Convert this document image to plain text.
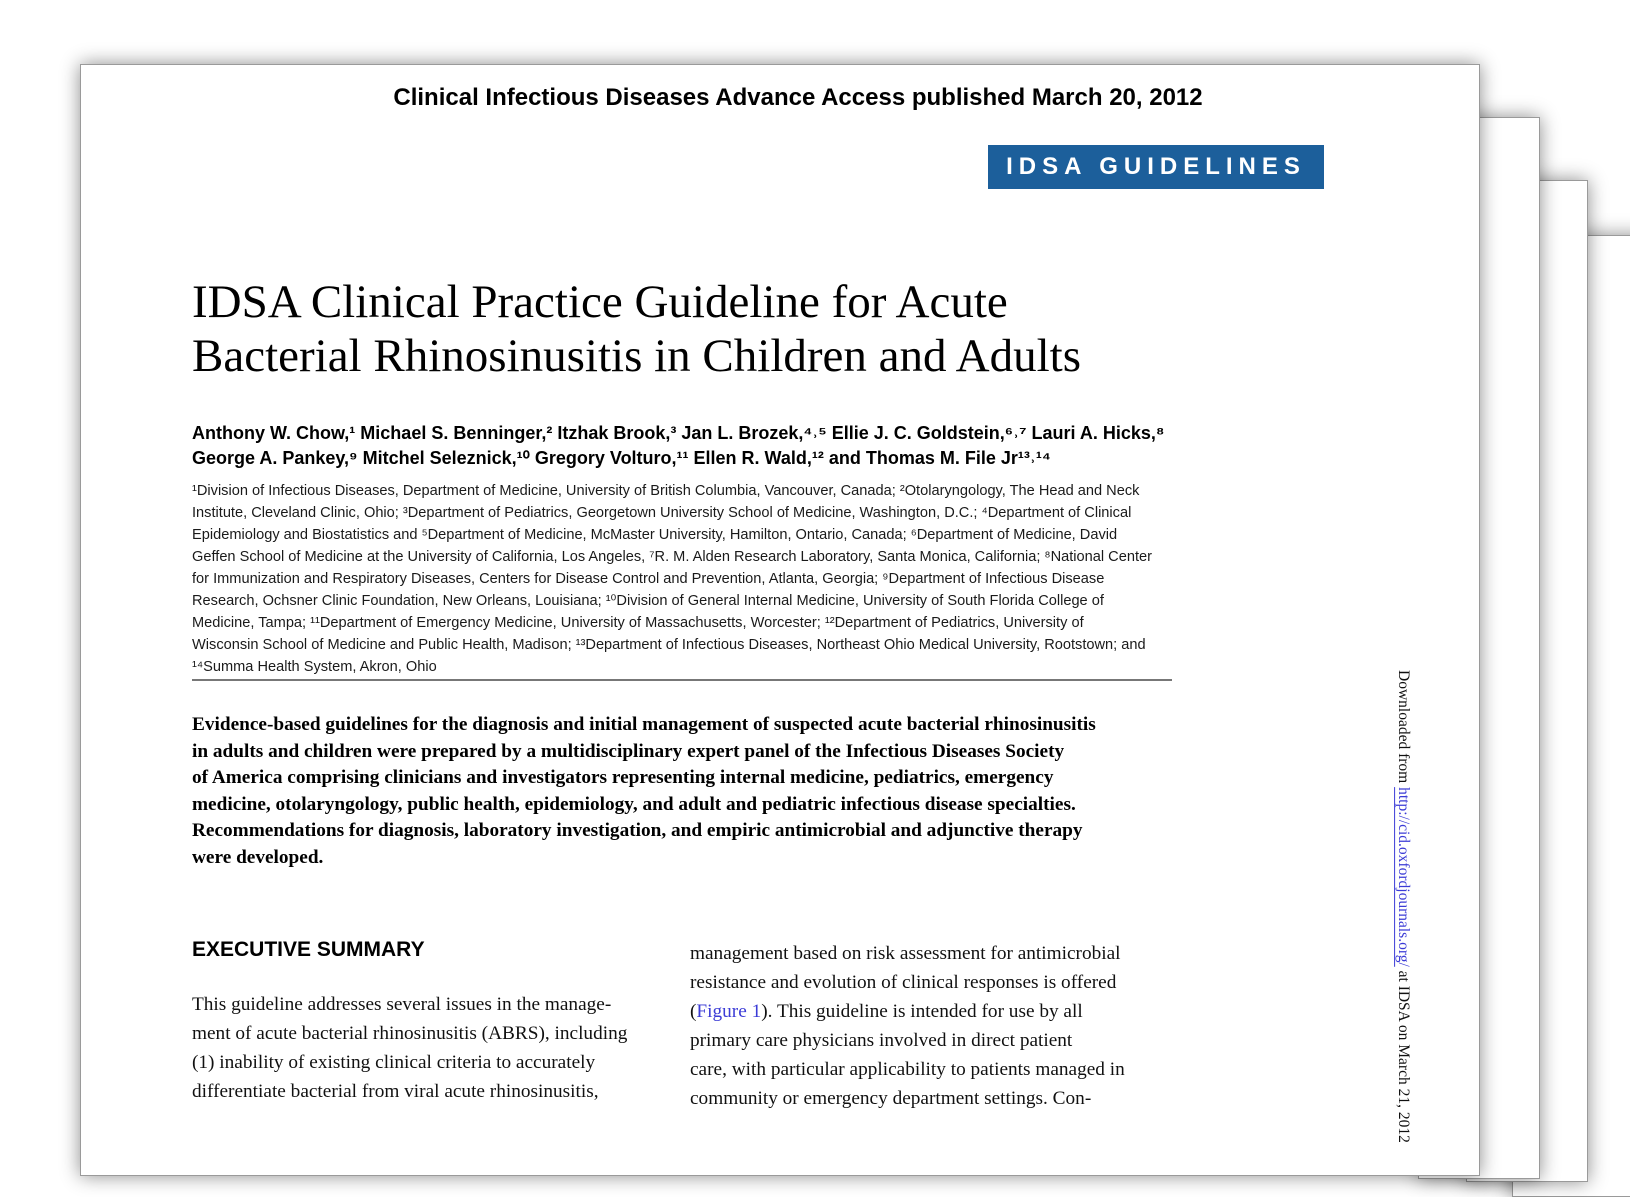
Clinical Infectious Diseases Advance Access published March 20, 2012
IDSA GUIDELINES
IDSA Clinical Practice Guideline for Acute
Bacterial Rhinosinusitis in Children and Adults
Anthony W. Chow,¹ Michael S. Benninger,² Itzhak Brook,³ Jan L. Brozek,⁴˒⁵ Ellie J. C. Goldstein,⁶˒⁷ Lauri A. Hicks,⁸
George A. Pankey,⁹ Mitchel Seleznick,¹⁰ Gregory Volturo,¹¹ Ellen R. Wald,¹² and Thomas M. File Jr¹³˒¹⁴
¹Division of Infectious Diseases, Department of Medicine, University of British Columbia, Vancouver, Canada; ²Otolaryngology, The Head and Neck
Institute, Cleveland Clinic, Ohio; ³Department of Pediatrics, Georgetown University School of Medicine, Washington, D.C.; ⁴Department of Clinical
Epidemiology and Biostatistics and ⁵Department of Medicine, McMaster University, Hamilton, Ontario, Canada; ⁶Department of Medicine, David
Geffen School of Medicine at the University of California, Los Angeles, ⁷R. M. Alden Research Laboratory, Santa Monica, California; ⁸National Center
for Immunization and Respiratory Diseases, Centers for Disease Control and Prevention, Atlanta, Georgia; ⁹Department of Infectious Disease
Research, Ochsner Clinic Foundation, New Orleans, Louisiana; ¹⁰Division of General Internal Medicine, University of South Florida College of
Medicine, Tampa; ¹¹Department of Emergency Medicine, University of Massachusetts, Worcester; ¹²Department of Pediatrics, University of
Wisconsin School of Medicine and Public Health, Madison; ¹³Department of Infectious Diseases, Northeast Ohio Medical University, Rootstown; and
¹⁴Summa Health System, Akron, Ohio
Evidence-based guidelines for the diagnosis and initial management of suspected acute bacterial rhinosinusitis
in adults and children were prepared by a multidisciplinary expert panel of the Infectious Diseases Society
of America comprising clinicians and investigators representing internal medicine, pediatrics, emergency
medicine, otolaryngology, public health, epidemiology, and adult and pediatric infectious disease specialties.
Recommendations for diagnosis, laboratory investigation, and empiric antimicrobial and adjunctive therapy
were developed.
EXECUTIVE SUMMARY
This guideline addresses several issues in the manage-
ment of acute bacterial rhinosinusitis (ABRS), including
(1) inability of existing clinical criteria to accurately
differentiate bacterial from viral acute rhinosinusitis,
management based on risk assessment for antimicrobial
resistance and evolution of clinical responses is offered
(Figure 1). This guideline is intended for use by all
primary care physicians involved in direct patient
care, with particular applicability to patients managed in
community or emergency department settings. Con-
Downloaded from http://cid.oxfordjournals.org/ at IDSA on March 21, 2012
